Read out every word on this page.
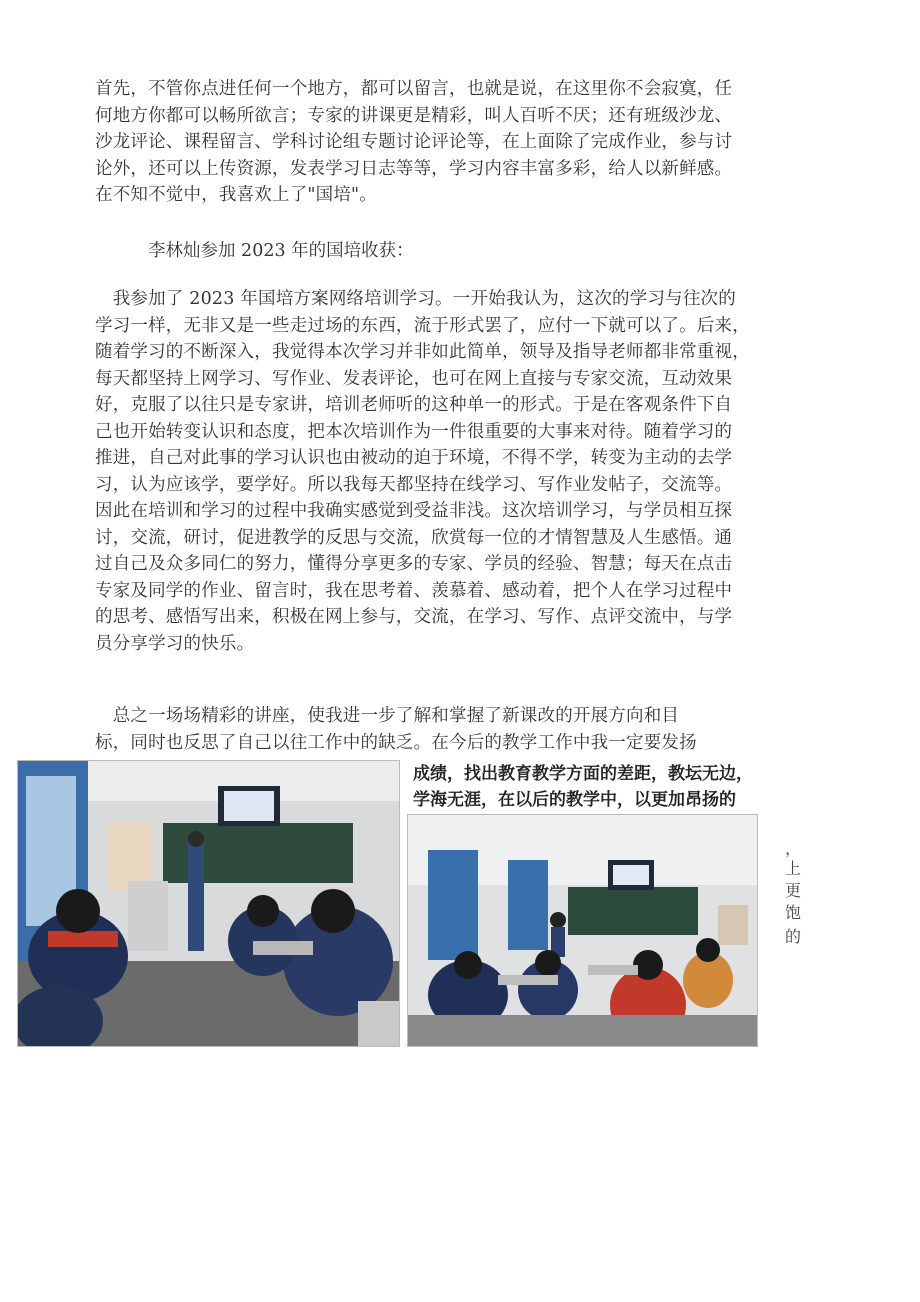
首先，不管你点进任何一个地方，都可以留言，也就是说，在这里你不会寂寞，任
何地方你都可以畅所欲言；专家的讲课更是精彩，叫人百听不厌；还有班级沙龙、
沙龙评论、课程留言、学科讨论组专题讨论评论等，在上面除了完成作业，参与讨
论外，还可以上传资源，发表学习日志等等，学习内容丰富多彩，给人以新鲜感。
在不知不觉中，我喜欢上了"国培"。

李林灿参加 2023 年的国培收获：

　我参加了 2023 年国培方案网络培训学习。一开始我认为，这次的学习与往次的
学习一样，无非又是一些走过场的东西，流于形式罢了，应付一下就可以了。后来，
随着学习的不断深入，我觉得本次学习并非如此简单，领导及指导老师都非常重视，
每天都坚持上网学习、写作业、发表评论，也可在网上直接与专家交流，互动效果
好，克服了以往只是专家讲，培训老师听的这种单一的形式。于是在客观条件下自
己也开始转变认识和态度，把本次培训作为一件很重要的大事来对待。随着学习的
推进，自己对此事的学习认识也由被动的迫于环境，不得不学，转变为主动的去学
习，认为应该学，要学好。所以我每天都坚持在线学习、写作业发帖子，交流等。
因此在培训和学习的过程中我确实感觉到受益非浅。这次培训学习，与学员相互探
讨，交流，研讨，促进教学的反思与交流，欣赏每一位的才情智慧及人生感悟。通
过自己及众多同仁的努力，懂得分享更多的专家、学员的经验、智慧；每天在点击
专家及同学的作业、留言时，我在思考着、羡慕着、感动着，把个人在学习过程中
的思考、感悟写出来，积极在网上参与，交流，在学习、写作、点评交流中，与学
员分享学习的快乐。
　总之一场场精彩的讲座，使我进一步了解和掌握了新课改的开展方向和目
标，同时也反思了自己以往工作中的缺乏。在今后的教学工作中我一定要发扬

成绩，找出教育教学方面的差距，教坛无边，

学海无涯，在以后的教学中，以更加昂扬的

，

上

更

饱

的
